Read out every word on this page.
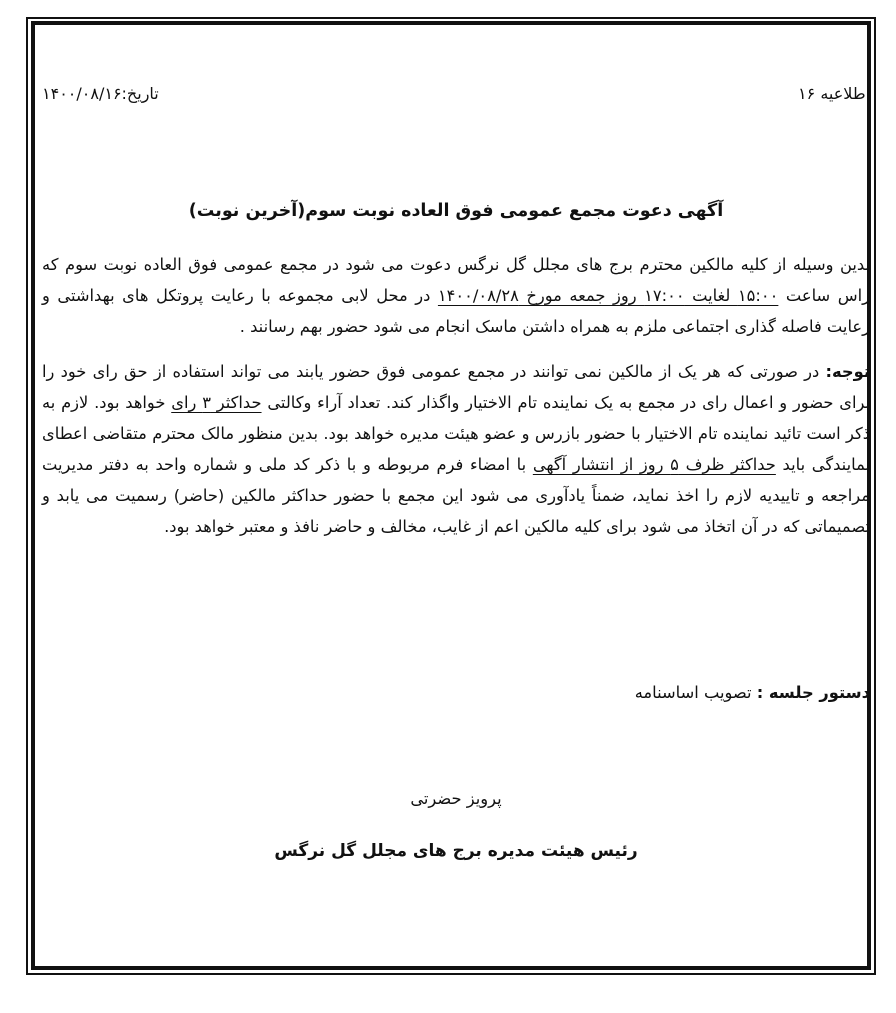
اطلاعیه ۱۶
تاریخ:۱۴۰۰/۰۸/۱۶
آگهی دعوت مجمع عمومی فوق العاده نوبت سوم(آخرین نوبت)

بدین وسیله از کلیه مالکین محترم برج های مجلل گل نرگس دعوت می شود در مجمع عمومی فوق العاده نوبت سوم که راس ساعت ۱۵:۰۰ لغایت ۱۷:۰۰ روز جمعه مورخ ۱۴۰۰/۰۸/۲۸ در محل لابی مجموعه با رعایت پروتکل های بهداشتی و رعایت فاصله گذاری اجتماعی ملزم به همراه داشتن ماسک انجام می شود حضور بهم رسانند .

توجه: در صورتی که هر یک از مالکین نمی توانند در مجمع عمومی فوق حضور یابند می تواند استفاده از حق رای خود را برای حضور و اعمال رای در مجمع به یک نماینده تام الاختیار واگذار کند. تعداد آراء وکالتی حداکثر ۳ رای خواهد بود. لازم به ذکر است تائید نماینده تام الاختیار با حضور بازرس و عضو هیئت مدیره خواهد بود. بدین منظور مالک محترم متقاضی اعطای نمایندگی باید حداکثر ظرف ۵ روز از انتشار آگهی با امضاء فرم مربوطه و با ذکر کد ملی و شماره واحد به دفتر مدیریت مراجعه و تاییدیه لازم را اخذ نماید، ضمناً یادآوری می شود این مجمع با حضور حداکثر مالکین (حاضر) رسمیت می یابد و تصمیماتی که در آن اتخاذ می شود برای کلیه مالکین اعم از غایب، مخالف و حاضر نافذ و معتبر خواهد بود.

دستور جلسه : تصویب اساسنامه
پرویز حضرتی
رئیس هیئت مدیره برج های مجلل گل نرگس
